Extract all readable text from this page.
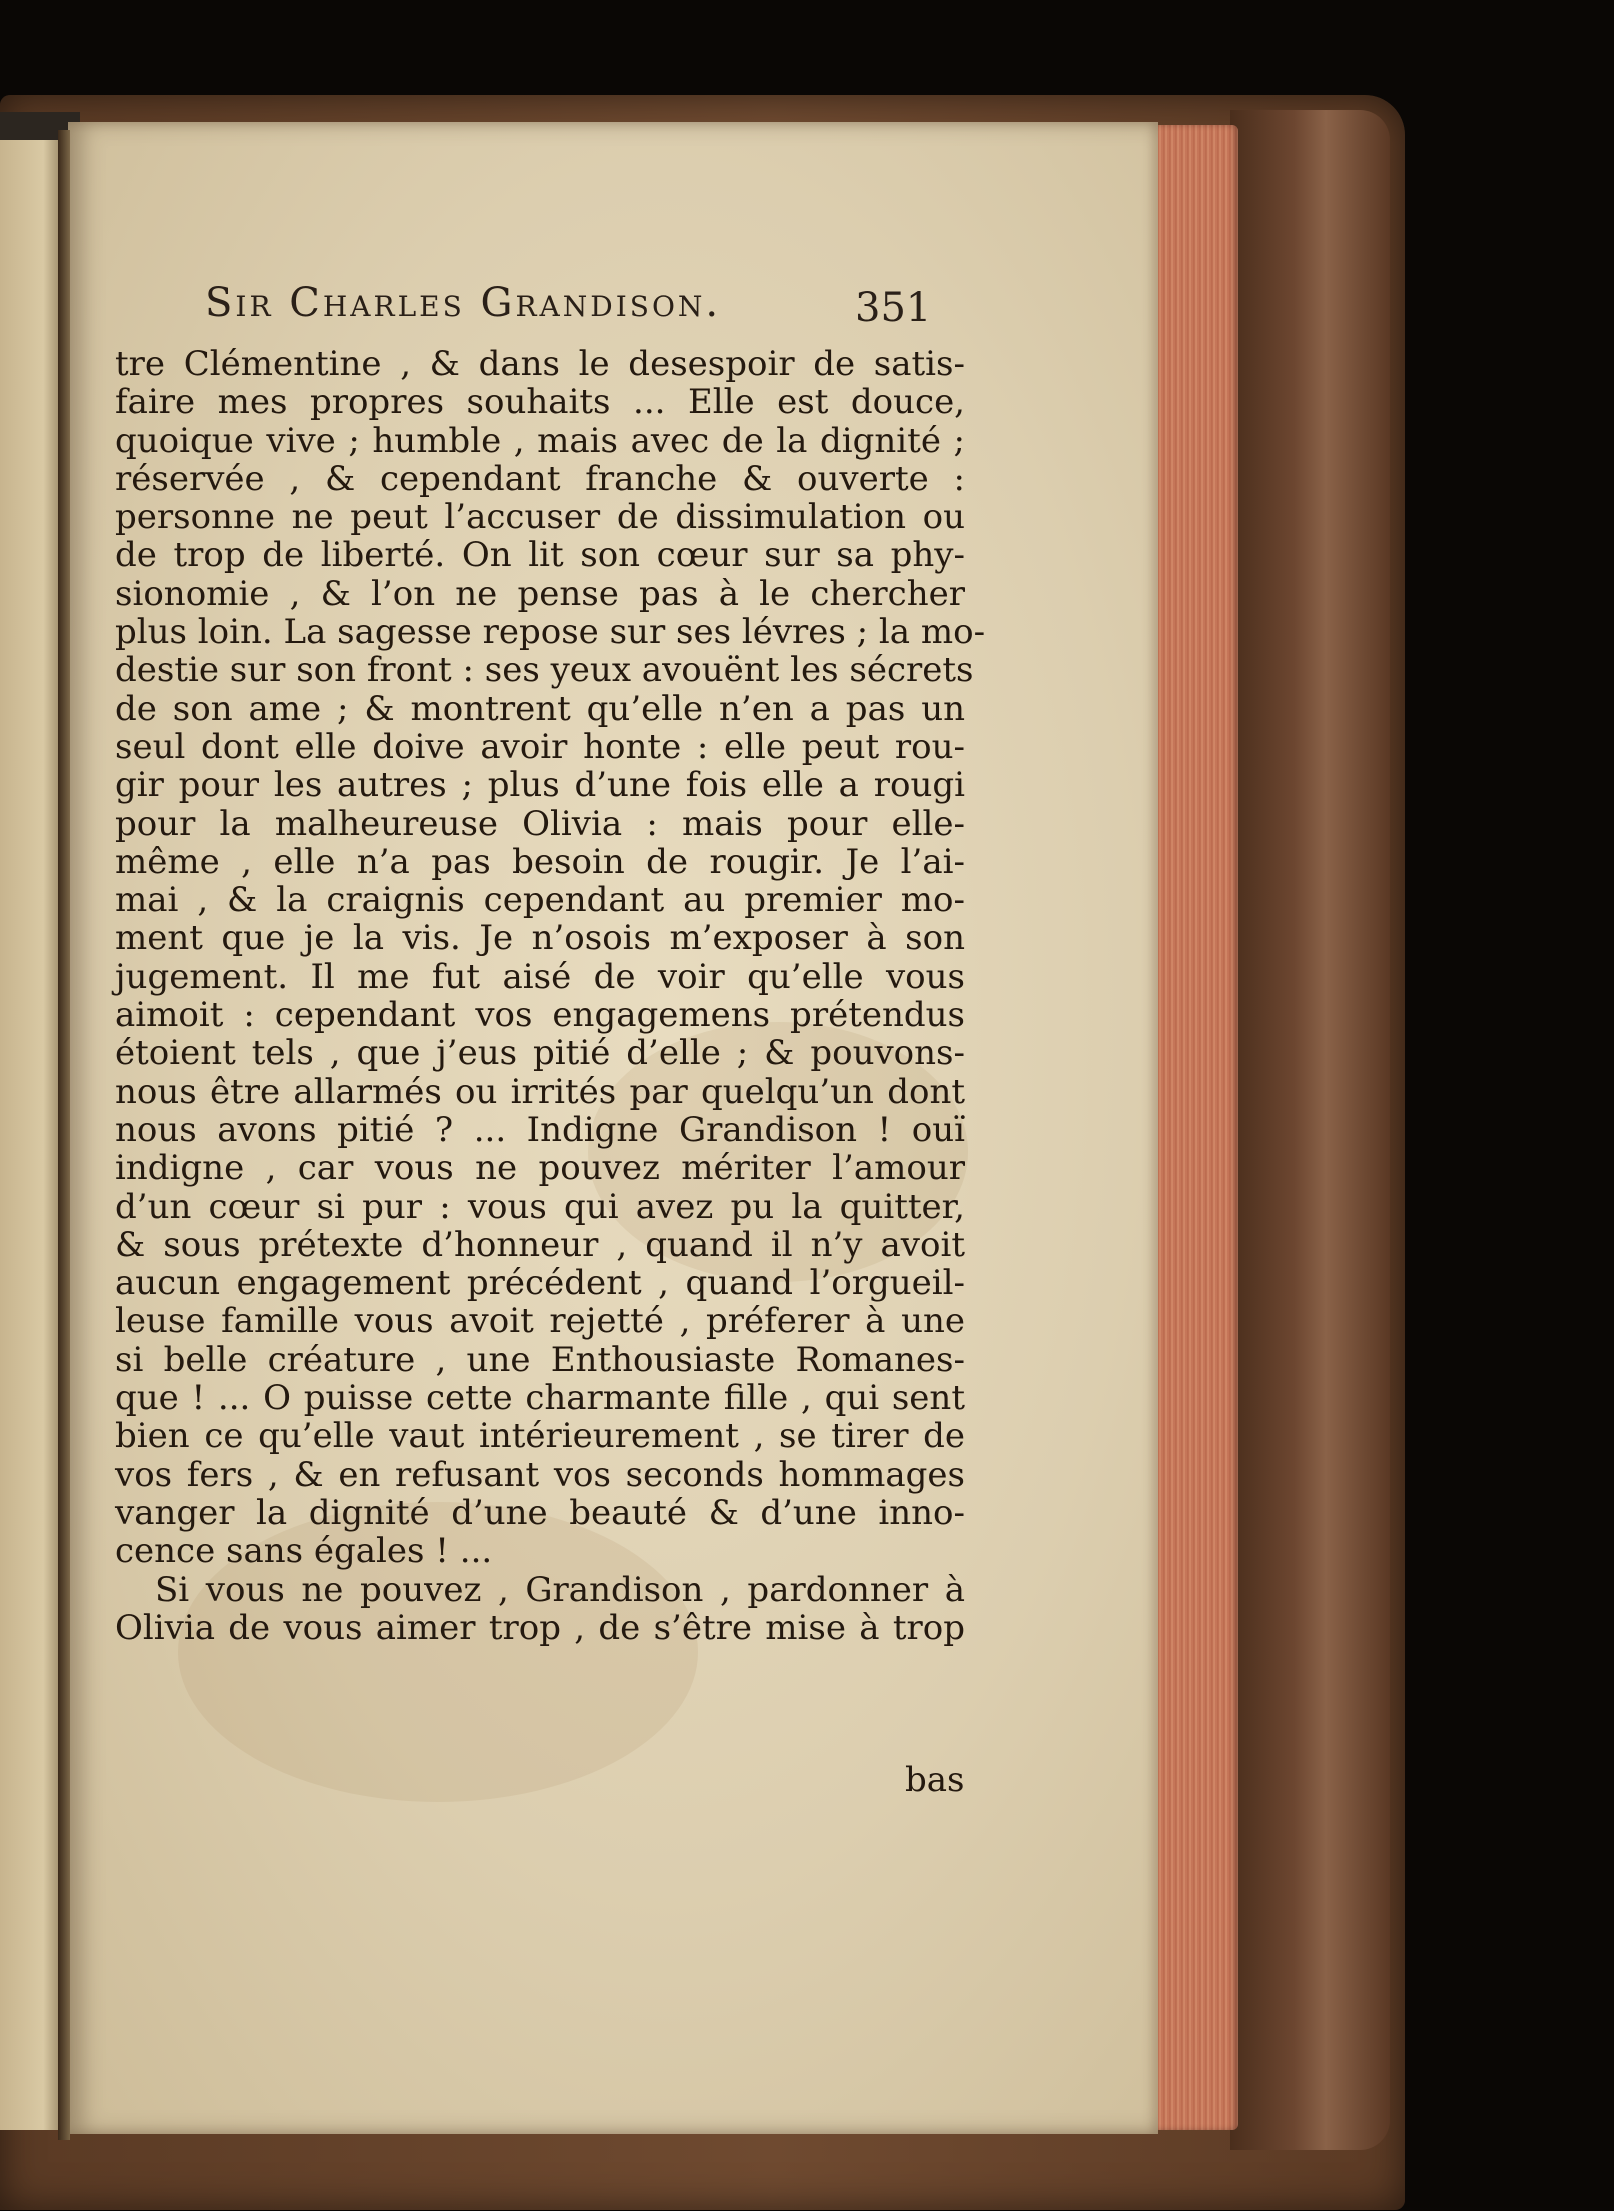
Sir Charles Grandison.	351
tre Clémentine , & dans le desespoir de satis-
faire mes propres souhaits ... Elle est douce,
quoique vive ; humble , mais avec de la dignité ;
réservée , & cependant franche & ouverte :
personne ne peut l’accuser de dissimulation ou
de trop de liberté. On lit son cœur sur sa phy-
sionomie , & l’on ne pense pas à le chercher
plus loin. La sagesse repose sur ses lévres ; la mo-
destie sur son front : ses yeux avouënt les sécrets
de son ame ; & montrent qu’elle n’en a pas un
seul dont elle doive avoir honte : elle peut rou-
gir pour les autres ; plus d’une fois elle a rougi
pour la malheureuse Olivia : mais pour elle-
même , elle n’a pas besoin de rougir. Je l’ai-
mai , & la craignis cependant au premier mo-
ment que je la vis. Je n’osois m’exposer à son
jugement. Il me fut aisé de voir qu’elle vous
aimoit : cependant vos engagemens prétendus
étoient tels , que j’eus pitié d’elle ; & pouvons-
nous être allarmés ou irrités par quelqu’un dont
nous avons pitié ? ... Indigne Grandison ! ouï
indigne , car vous ne pouvez mériter l’amour
d’un cœur si pur : vous qui avez pu la quitter,
& sous prétexte d’honneur , quand il n’y avoit
aucun engagement précédent , quand l’orgueil-
leuse famille vous avoit rejetté , préferer à une
si belle créature , une Enthousiaste Romanes-
que ! ... O puisse cette charmante fille , qui sent
bien ce qu’elle vaut intérieurement , se tirer de
vos fers , & en refusant vos seconds hommages
vanger la dignité d’une beauté & d’une inno-
cence sans égales ! ...
Si vous ne pouvez , Grandison , pardonner à
Olivia de vous aimer trop , de s’être mise à trop
bas
